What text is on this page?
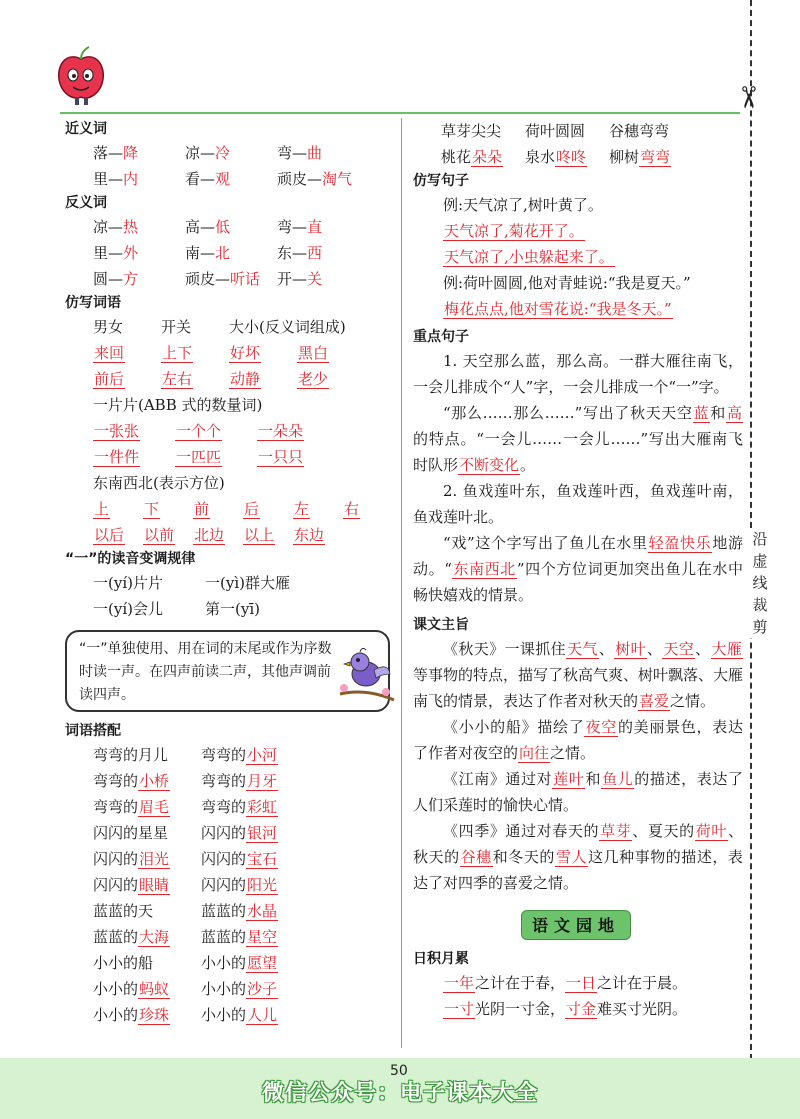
✂
沿虚线裁剪
近义词
落—降	凉—冷	弯—曲
里—内	看—观	顽皮—淘气
反义词
凉—热	高—低	弯—直
里—外	南—北	东—西
圆—方	顽皮—听话 开—关
仿写词语
男女	开关	大小(反义词组成)
来回	上下	好坏	黑白
前后	左右	动静	老少
一片片(ABB 式的数量词)
一张张 一个个 一朵朵
一件件 一匹匹 一只只
东南西北(表示方位)
上 下 前 后 左 右
以后 以前 北边 以上 东边
“一”的读音变调规律
一(yí)片片	一(yì)群大雁
一(yí)会儿	第一(yī)
“一”单独使用、用在词的末尾或作为序数时读一声。在四声前读二声，其他声调前读四声。
词语搭配
弯弯的月儿 弯弯的小河
弯弯的小桥 弯弯的月牙
弯弯的眉毛 弯弯的彩虹
闪闪的星星 闪闪的银河
闪闪的泪光 闪闪的宝石
闪闪的眼睛 闪闪的阳光
蓝蓝的天	蓝蓝的水晶
蓝蓝的大海 蓝蓝的星空
小小的船	小小的愿望
小小的蚂蚁 小小的沙子
小小的珍珠 小小的人儿
草芽尖尖 荷叶圆圆 谷穗弯弯
桃花朵朵 泉水咚咚 柳树弯弯
仿写句子
例:天气凉了,树叶黄了。
天气凉了,菊花开了。
天气凉了,小虫躲起来了。
例:荷叶圆圆,他对青蛙说:“我是夏天。”
梅花点点,他对雪花说:“我是冬天。”
重点句子
1. 天空那么蓝，那么高。一群大雁往南飞，一会儿排成个“人”字，一会儿排成一个“一”字。
“那么……那么……”写出了秋天天空蓝和高的特点。“一会儿……一会儿……”写出大雁南飞时队形不断变化。
2. 鱼戏莲叶东，鱼戏莲叶西，鱼戏莲叶南，鱼戏莲叶北。
“戏”这个字写出了鱼儿在水里轻盈快乐地游动。“东南西北”四个方位词更加突出鱼儿在水中畅快嬉戏的情景。
课文主旨
《秋天》一课抓住天气、树叶、天空、大雁等事物的特点，描写了秋高气爽、树叶飘落、大雁南飞的情景，表达了作者对秋天的喜爱之情。
《小小的船》描绘了夜空的美丽景色，表达了作者对夜空的向往之情。
《江南》通过对莲叶和鱼儿的描述，表达了人们采莲时的愉快心情。
《四季》通过对春天的草芽、夏天的荷叶、秋天的谷穗和冬天的雪人这几种事物的描述，表达了对四季的喜爱之情。
语文园地
日积月累
一年之计在于春，一日之计在于晨。
一寸光阴一寸金，寸金难买寸光阴。
50
微信公众号：电子课本大全
